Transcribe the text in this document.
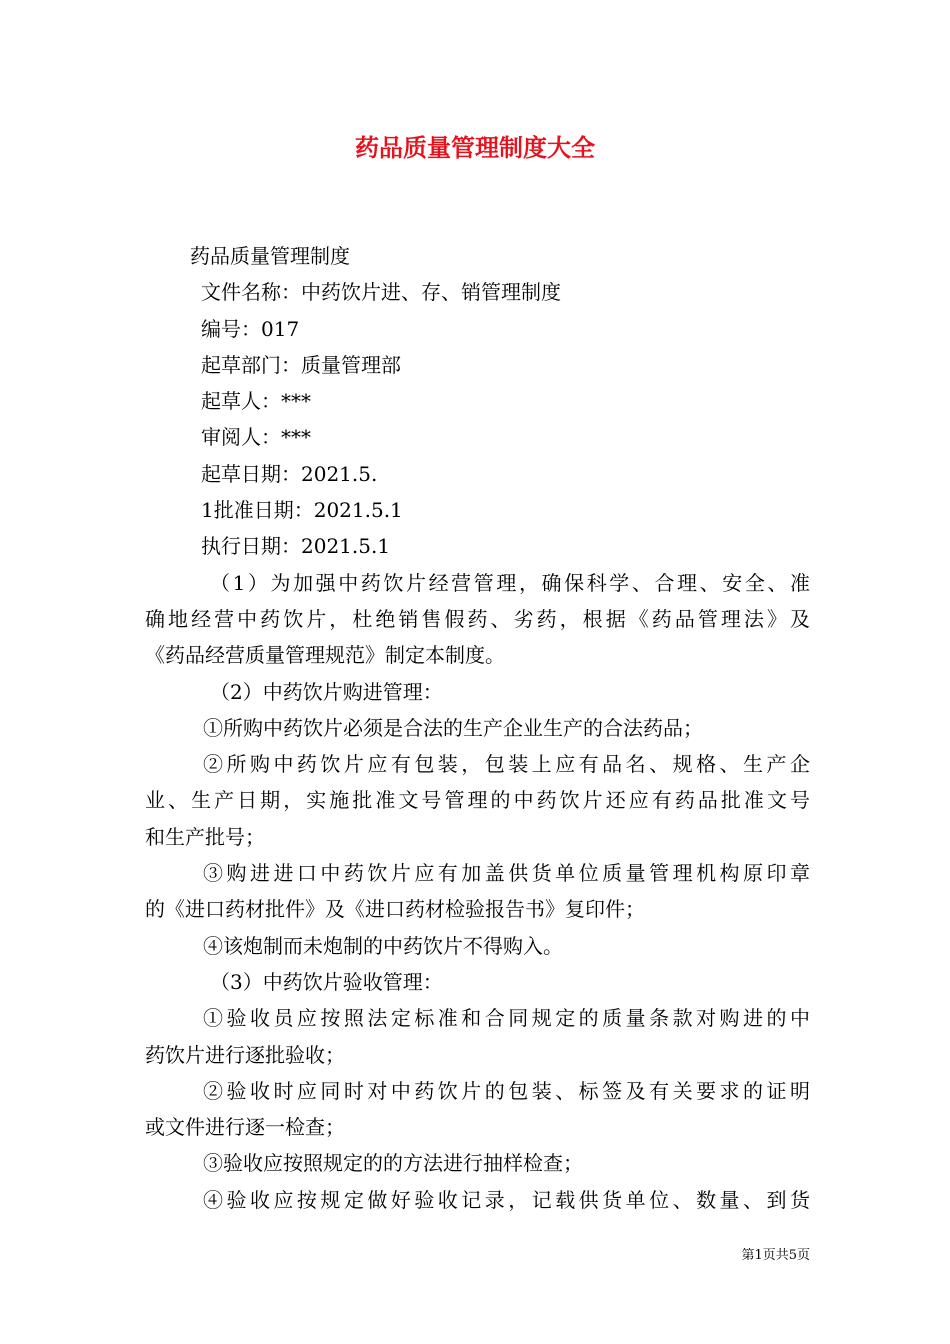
药品质量管理制度大全

药品质量管理制度

文件名称：中药饮片进、存、销管理制度

编号：017

起草部门：质量管理部

起草人：***

审阅人：***

起草日期：2021.5.

1批准日期：2021.5.1

执行日期：2021.5.1

（1）为加强中药饮片经营管理，确保科学、合理、安全、准

确地经营中药饮片，杜绝销售假药、劣药，根据《药品管理法》及

《药品经营质量管理规范》制定本制度。

（2）中药饮片购进管理：

①所购中药饮片必须是合法的生产企业生产的合法药品；

②所购中药饮片应有包装，包装上应有品名、规格、生产企

业、生产日期，实施批准文号管理的中药饮片还应有药品批准文号

和生产批号；

③购进进口中药饮片应有加盖供货单位质量管理机构原印章

的《进口药材批件》及《进口药材检验报告书》复印件；

④该炮制而未炮制的中药饮片不得购入。

（3）中药饮片验收管理：

①验收员应按照法定标准和合同规定的质量条款对购进的中

药饮片进行逐批验收；

②验收时应同时对中药饮片的包装、标签及有关要求的证明

或文件进行逐一检查；

③验收应按照规定的的方法进行抽样检查；

④验收应按规定做好验收记录，记载供货单位、数量、到货

第1页共5页
